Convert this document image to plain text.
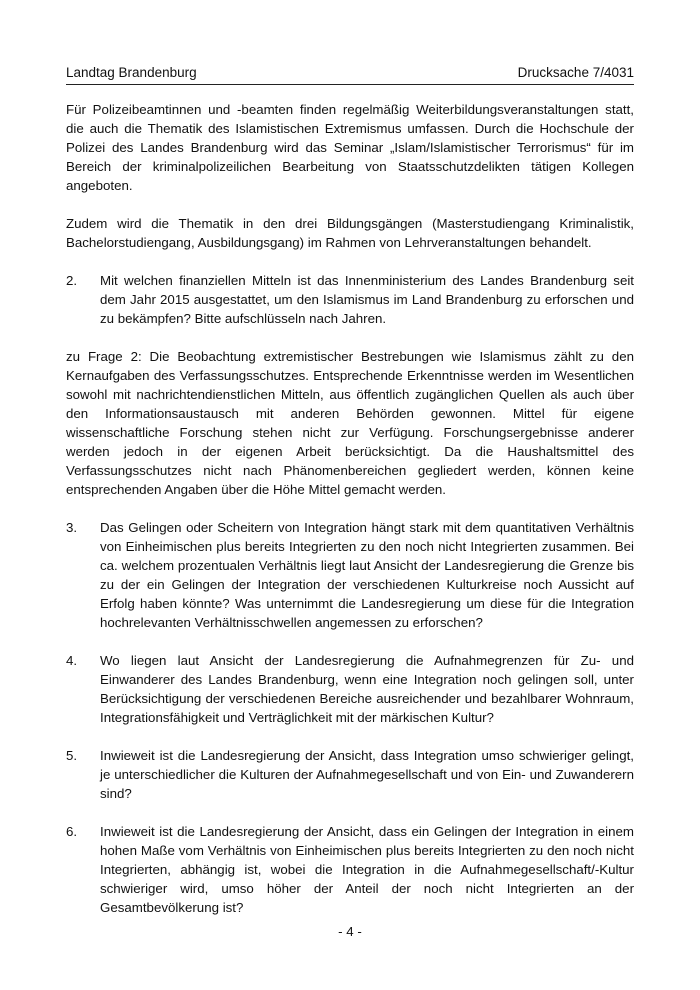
Landtag Brandenburg	Drucksache 7/4031

Für Polizeibeamtinnen und -beamten finden regelmäßig Weiterbildungsveranstaltungen statt, die auch die Thematik des Islamistischen Extremismus umfassen. Durch die Hochschule der Polizei des Landes Brandenburg wird das Seminar „Islam/Islamistischer Terrorismus“ für im Bereich der kriminalpolizeilichen Bearbeitung von Staatsschutzdelikten tätigen Kollegen angeboten.

Zudem wird die Thematik in den drei Bildungsgängen (Masterstudiengang Kriminalistik, Bachelorstudiengang, Ausbildungsgang) im Rahmen von Lehrveranstaltungen behandelt.

2.	Mit welchen finanziellen Mitteln ist das Innenministerium des Landes Brandenburg seit dem Jahr 2015 ausgestattet, um den Islamismus im Land Brandenburg zu erforschen und zu bekämpfen? Bitte aufschlüsseln nach Jahren.

zu Frage 2: Die Beobachtung extremistischer Bestrebungen wie Islamismus zählt zu den Kernaufgaben des Verfassungsschutzes. Entsprechende Erkenntnisse werden im Wesentlichen sowohl mit nachrichtendienstlichen Mitteln, aus öffentlich zugänglichen Quellen als auch über den Informationsaustausch mit anderen Behörden gewonnen. Mittel für eigene wissenschaftliche Forschung stehen nicht zur Verfügung. Forschungsergebnisse anderer werden jedoch in der eigenen Arbeit berücksichtigt. Da die Haushaltsmittel des Verfassungsschutzes nicht nach Phänomenbereichen gegliedert werden, können keine entsprechenden Angaben über die Höhe Mittel gemacht werden.

3.	Das Gelingen oder Scheitern von Integration hängt stark mit dem quantitativen Verhältnis von Einheimischen plus bereits Integrierten zu den noch nicht Integrierten zusammen. Bei ca. welchem prozentualen Verhältnis liegt laut Ansicht der Landesregierung die Grenze bis zu der ein Gelingen der Integration der verschiedenen Kulturkreise noch Aussicht auf Erfolg haben könnte? Was unternimmt die Landesregierung um diese für die Integration hochrelevanten Verhältnisschwellen angemessen zu erforschen?
4.	Wo liegen laut Ansicht der Landesregierung die Aufnahmegrenzen für Zu- und Einwanderer des Landes Brandenburg, wenn eine Integration noch gelingen soll, unter Berücksichtigung der verschiedenen Bereiche ausreichender und bezahlbarer Wohnraum, Integrationsfähigkeit und Verträglichkeit mit der märkischen Kultur?
5.	Inwieweit ist die Landesregierung der Ansicht, dass Integration umso schwieriger gelingt, je unterschiedlicher die Kulturen der Aufnahmegesellschaft und von Ein- und Zuwanderern sind?
6.	Inwieweit ist die Landesregierung der Ansicht, dass ein Gelingen der Integration in einem hohen Maße vom Verhältnis von Einheimischen plus bereits Integrierten zu den noch nicht Integrierten, abhängig ist, wobei die Integration in die Aufnahmegesellschaft/-Kultur schwieriger wird, umso höher der Anteil der noch nicht Integrierten an der Gesamtbevölkerung ist?
- 4 -
